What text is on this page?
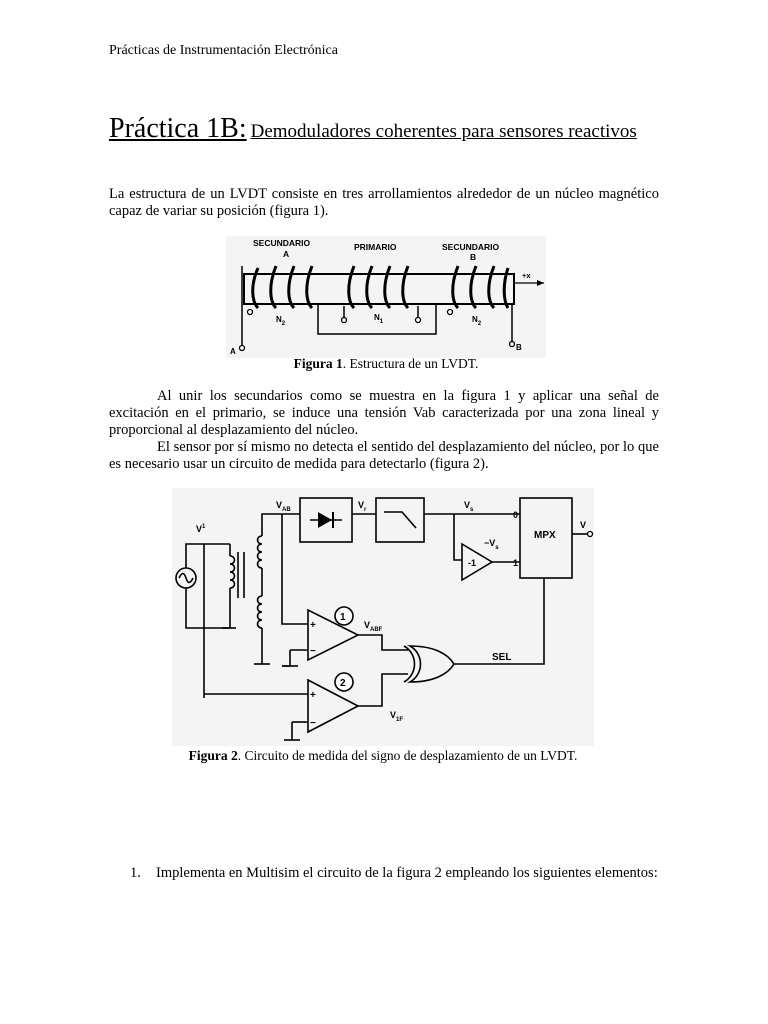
Prácticas de Instrumentación Electrónica
Práctica 1B: Demoduladores coherentes para sensores reactivos
La estructura de un LVDT consiste en tres arrollamientos alrededor de un núcleo magnético capaz de variar su posición (figura 1).
SECUNDARIO
A
PRIMARIO	SECUNDARIO
B
+x
$N_2$
$N_1$	$N_2$
A	B
Figura 1. Estructura de un LVDT.
Al unir los secundarios como se muestra en la figura 1 y aplicar una señal de excitación en el primario, se induce una tensión Vab caracterizada por una zona lineal y proporcional al desplazamiento del núcleo.
El sensor por sí mismo no detecta el sentido del desplazamiento del núcleo, por lo que es necesario usar un circuito de medida para detectarlo (figura 2).
$V^1$
$V_{AB}$	$V_r$	$V_s$
$-V_s$
-1
MPX
0
1
V
1
2
$V_{ABF}$
$V_{1F}$
SEL
+
−
+
−
Figura 2. Circuito de medida del signo de desplazamiento de un LVDT.
1. Implementa en Multisim el circuito de la figura 2 empleando los siguientes elementos:
